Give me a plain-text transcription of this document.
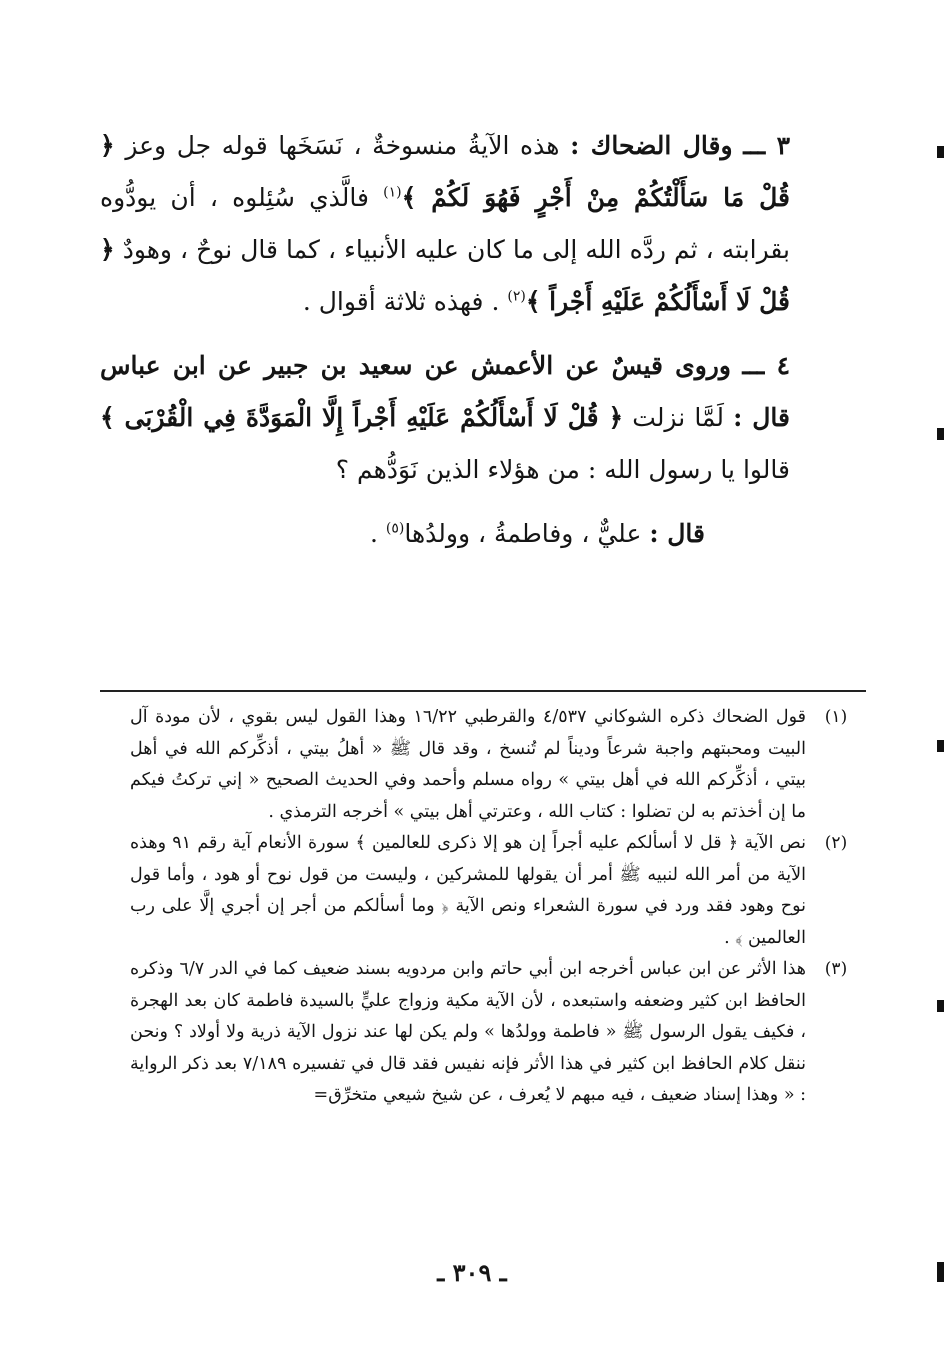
٣ ـــ وقال الضحاك : هذه الآيةُ منسوخةٌ ، نَسَخَها قوله جل وعز ﴿ قُلْ مَا سَأَلْتُكُمْ مِنْ أَجْرٍ فَهُوَ لَكُمْ ﴾$^{(١)}$ فالَّذي سُئِلوه ، أن يودُّوه بقرابته ، ثم ردَّه الله إلى ما كان عليه الأنبياء ، كما قال نوحٌ ، وهودٌ ﴿ قُلْ لَا أَسْأَلُكُمْ عَلَيْهِ أَجْراً ﴾$^{(٢)}$ . فهذه ثلاثة أقوال .

٤ ـــ وروى قيسٌ عن الأعمش عن سعيد بن جبير عن ابن عباس قال : لَمَّا نزلت ﴿ قُلْ لَا أَسْأَلُكُمْ عَلَيْهِ أَجْراً إِلَّا الْمَوَدَّةَ فِي الْقُرْبَى ﴾ قالوا يا رسول الله : من هؤلاء الذين نَوَدُّهم ؟

قال : عليٌّ ، وفاطمةُ ، وولدُها$^{(٥)}$ .

(١)
قول الضحاك ذكره الشوكاني ٤/٥٣٧ والقرطبي ١٦/٢٢ وهذا القول ليس بقوي ، لأن مودة آل البيت ومحبتهم واجبة شرعاً وديناً لم تُنسخ ، وقد قال ﷺ « أهلُ بيتي ، أذكِّركم الله في أهل بيتي ، أذكِّركم الله في أهل بيتي » رواه مسلم وأحمد وفي الحديث الصحيح « إني تركتُ فيكم ما إن أخذتم به لن تضلوا : كتاب الله ، وعترتي أهل بيتي » أخرجه الترمذي .
(٢)
نص الآية ﴿ قل لا أسألكم عليه أجراً إن هو إلا ذكرى للعالمين ﴾ سورة الأنعام آية رقم ٩١ وهذه الآية من أمر الله لنبيه ﷺ أمر أن يقولها للمشركين ، وليست من قول نوح أو هود ، وأما قول نوح وهود فقد ورد في سورة الشعراء ونص الآية ﴿ وما أسألكم من أجر إن أجري إلَّا على رب العالمين ﴾ .
(٣)
هذا الأثر عن ابن عباس أخرجه ابن أبي حاتم وابن مردويه بسند ضعيف كما في الدر ٦/٧ وذكره الحافظ ابن كثير وضعفه واستبعده ، لأن الآية مكية وزواج عليٍّ بالسيدة فاطمة كان بعد الهجرة ، فكيف يقول الرسول ﷺ « فاطمة وولدُها » ولم يكن لها عند نزول الآية ذرية ولا أولاد ؟ ونحن ننقل كلام الحافظ ابن كثير في هذا الأثر فإنه نفيس فقد قال في تفسيره ٧/١٨٩ بعد ذكر الرواية : « وهذا إسناد ضعيف ، فيه مبهم لا يُعرف ، عن شيخ شيعي متخرِّق=
ـ ٣٠٩ ـ
